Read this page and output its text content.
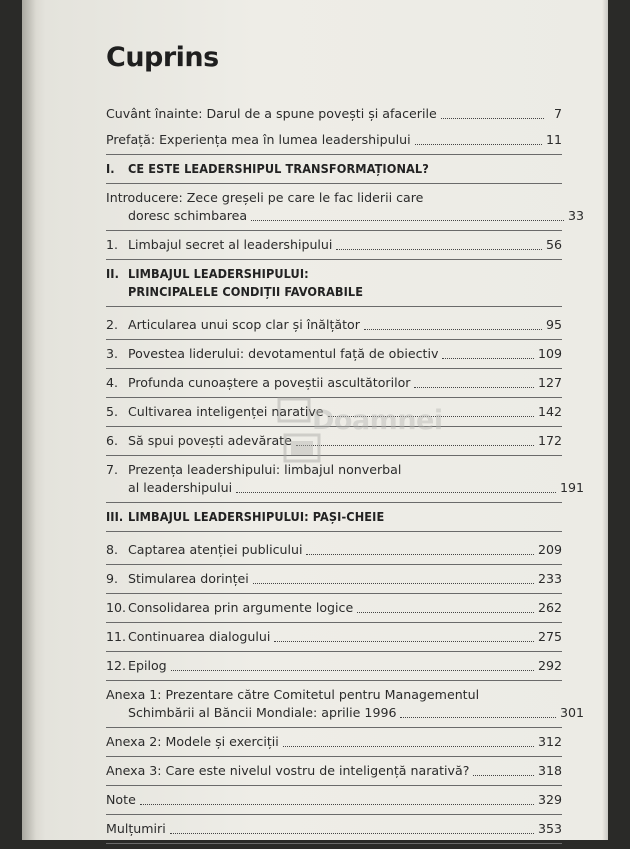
Cuprins
Cuvânt înainte: Darul de a spune povești și afacerile	7
Prefață: Experiența mea în lumea leadershipului	11
I. CE ESTE LEADERSHIPUL TRANSFORMAȚIONAL?
Introducere: Zece greșeli pe care le fac liderii care
doresc schimbarea	33
1. Limbajul secret al leadershipului	56
II. LIMBAJUL LEADERSHIPULUI:
PRINCIPALELE CONDIȚII FAVORABILE
2. Articularea unui scop clar și înălțător	95
3. Povestea liderului: devotamentul față de obiectiv	109
4. Profunda cunoaștere a poveștii ascultătorilor	127
5. Cultivarea inteligenței narative	142
6. Să spui povești adevărate	172
7. Prezența leadershipului: limbajul nonverbal
al leadershipului	191
III. LIMBAJUL LEADERSHIPULUI: PAȘI-CHEIE
8. Captarea atenției publicului	209
9. Stimularea dorinței	233
10. Consolidarea prin argumente logice	262
11. Continuarea dialogului	275
12. Epilog	292
Anexa 1: Prezentare către Comitetul pentru Managementul
Schimbării al Băncii Mondiale: aprilie 1996	301
Anexa 2: Modele și exerciții	312
Anexa 3: Care este nivelul vostru de inteligență narativă?	318
Note	329
Mulțumiri	353
Doamnei
